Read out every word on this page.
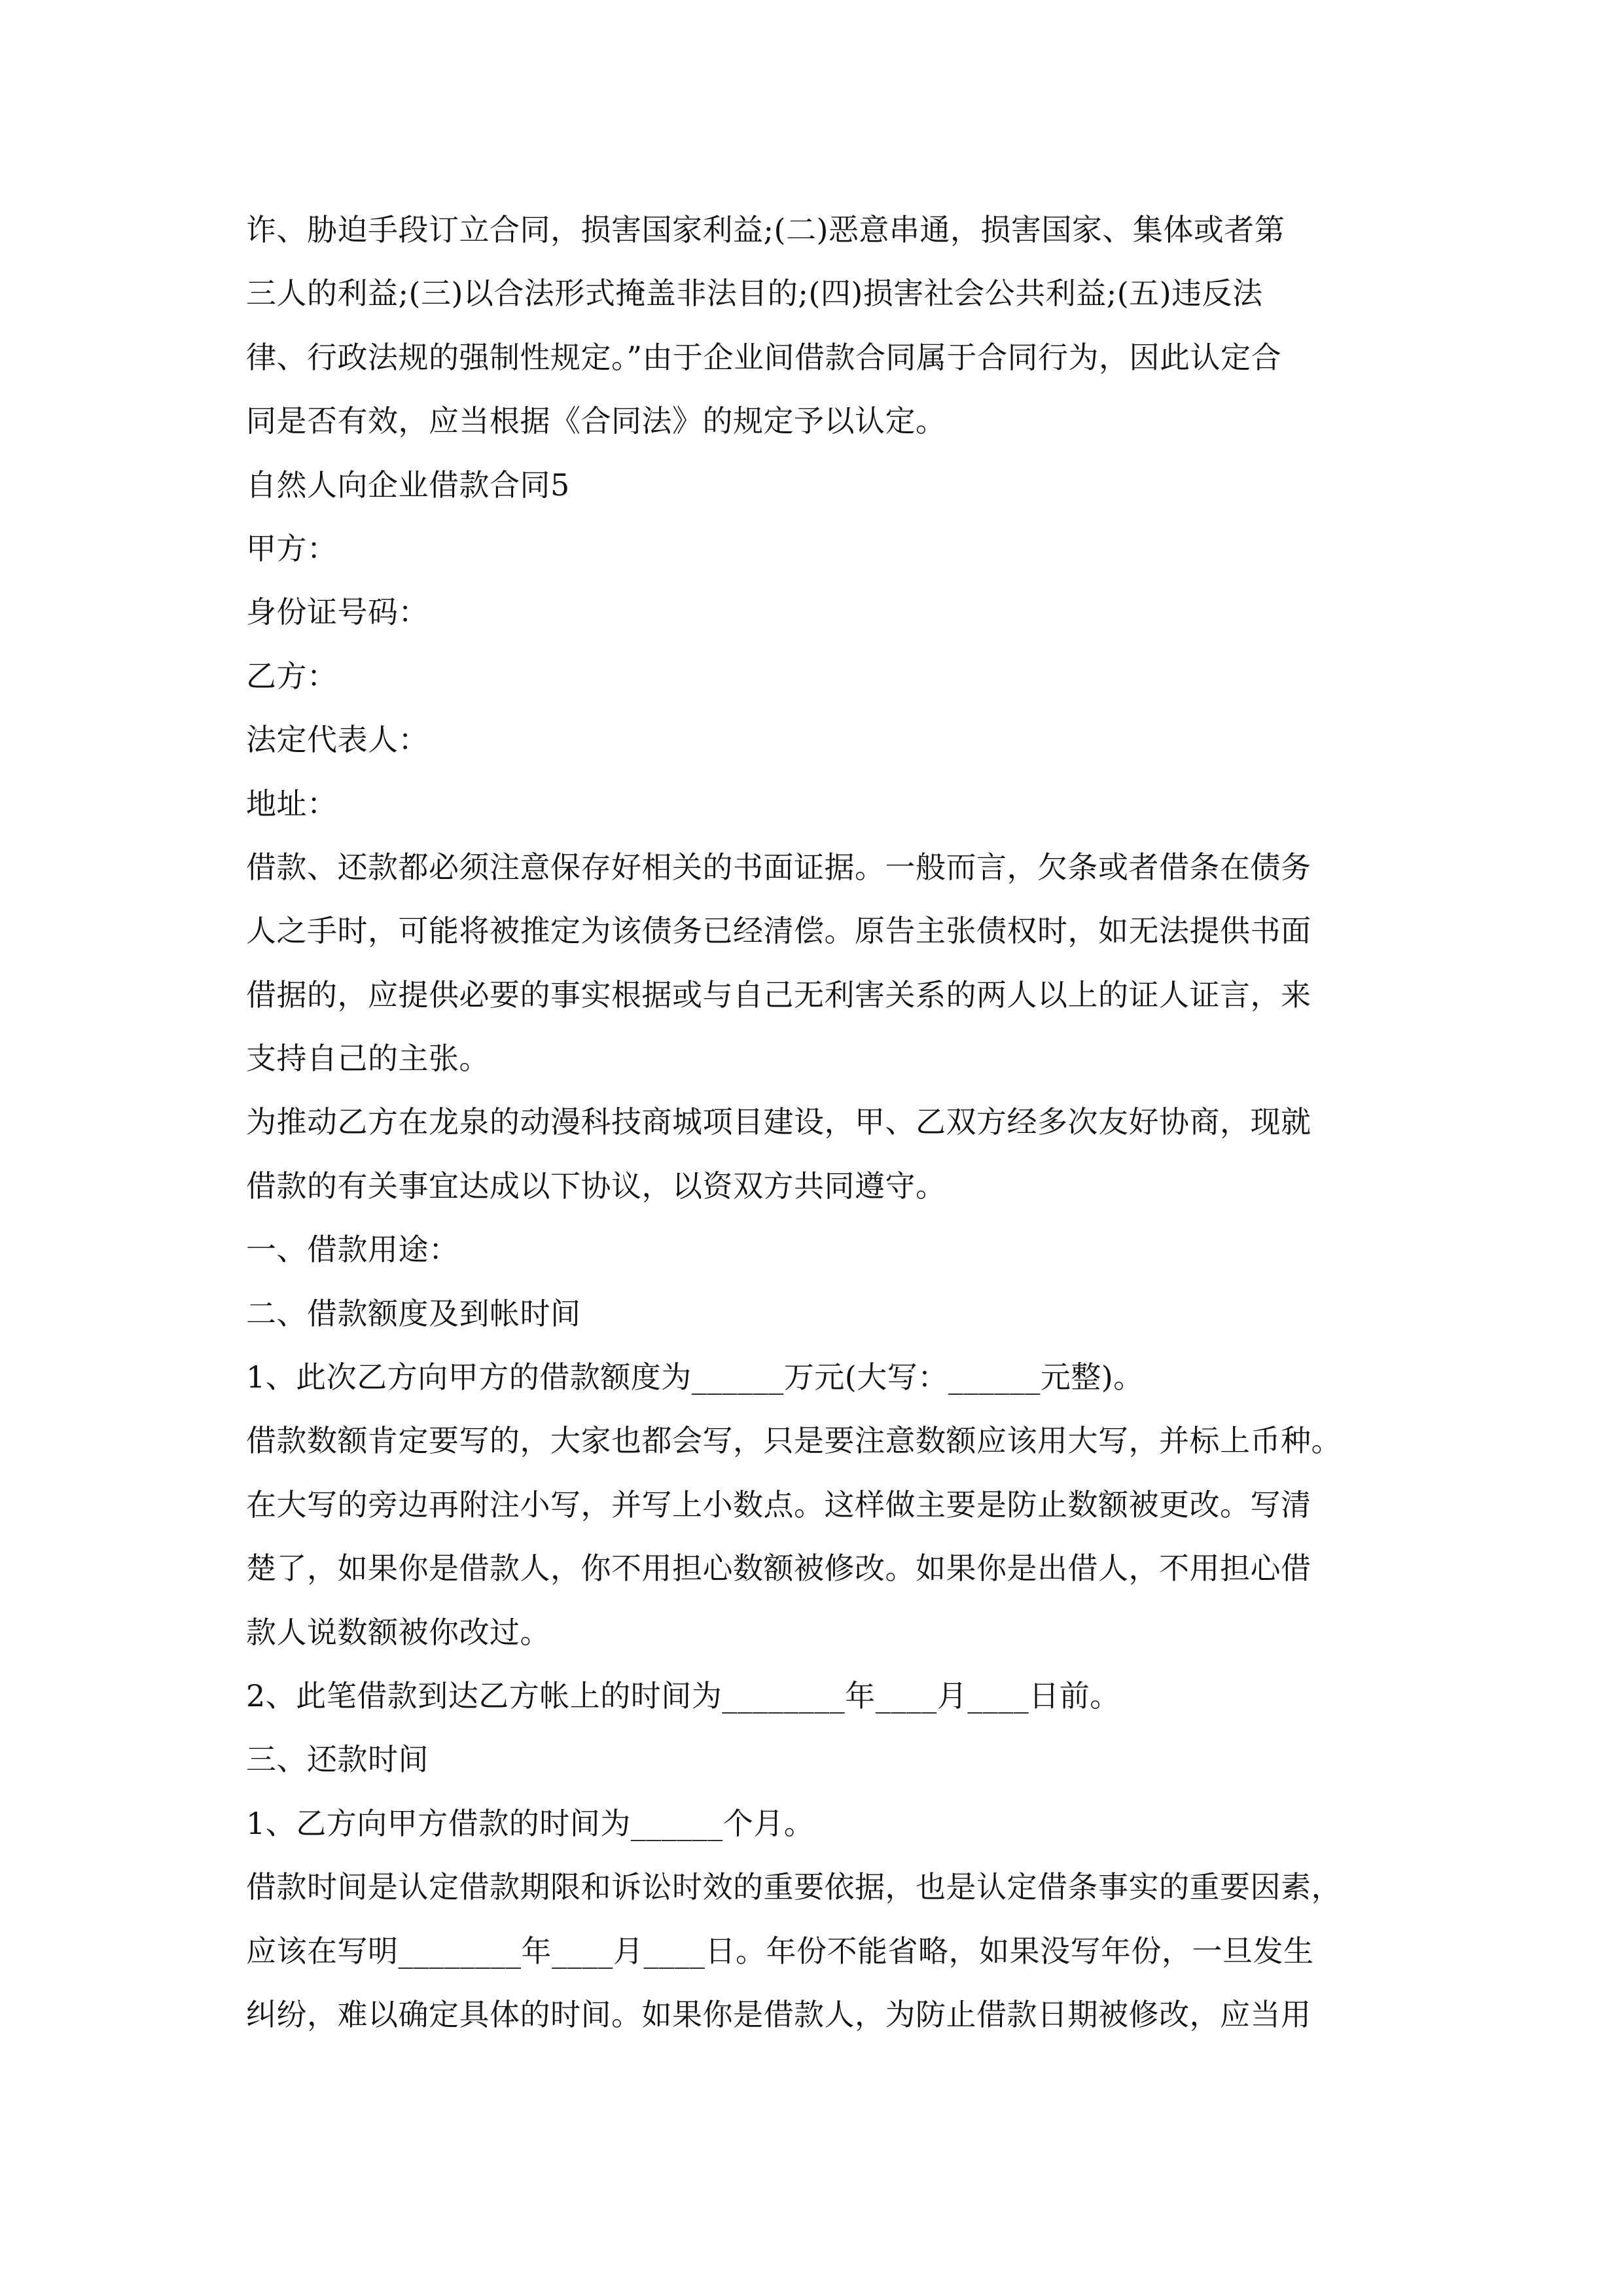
诈、胁迫手段订立合同，损害国家利益;(二)恶意串通，损害国家、集体或者第
三人的利益;(三)以合法形式掩盖非法目的;(四)损害社会公共利益;(五)违反法
律、行政法规的强制性规定。”由于企业间借款合同属于合同行为，因此认定合
同是否有效，应当根据《合同法》的规定予以认定。
自然人向企业借款合同5
甲方：
身份证号码：
乙方：
法定代表人：
地址：
借款、还款都必须注意保存好相关的书面证据。一般而言，欠条或者借条在债务
人之手时，可能将被推定为该债务已经清偿。原告主张债权时，如无法提供书面
借据的，应提供必要的事实根据或与自己无利害关系的两人以上的证人证言，来
支持自己的主张。
为推动乙方在龙泉的动漫科技商城项目建设，甲、乙双方经多次友好协商，现就
借款的有关事宜达成以下协议，以资双方共同遵守。
一、借款用途：
二、借款额度及到帐时间
1、此次乙方向甲方的借款额度为______万元(大写：______元整)。
借款数额肯定要写的，大家也都会写，只是要注意数额应该用大写，并标上币种。
在大写的旁边再附注小写，并写上小数点。这样做主要是防止数额被更改。写清
楚了，如果你是借款人，你不用担心数额被修改。如果你是出借人，不用担心借
款人说数额被你改过。
2、此笔借款到达乙方帐上的时间为________年____月____日前。
三、还款时间
1、乙方向甲方借款的时间为______个月。
借款时间是认定借款期限和诉讼时效的重要依据，也是认定借条事实的重要因素，
应该在写明________年____月____日。年份不能省略，如果没写年份，一旦发生
纠纷，难以确定具体的时间。如果你是借款人，为防止借款日期被修改，应当用
